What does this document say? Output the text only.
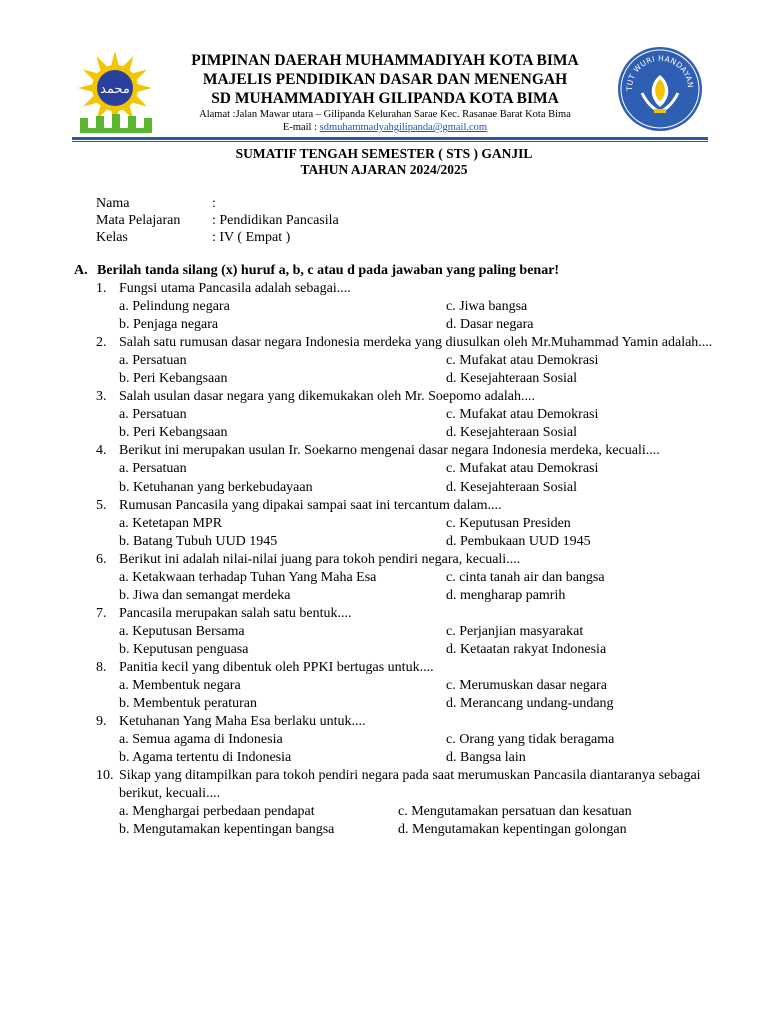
محمد
PIMPINAN DAERAH MUHAMMADIYAH KOTA BIMA
MAJELIS PENDIDIKAN DASAR DAN MENENGAH
SD MUHAMMADIYAH GILIPANDA KOTA BIMA
Alamat :Jalan Mawar utara – Gilipanda Kelurahan Sarae Kec. Rasanae Barat Kota Bima
E-mail : sdmuhammadyahgilipanda@gmail.com
TUT WURI HANDAYAN
SUMATIF TENGAH SEMESTER ( STS ) GANJIL
TAHUN AJARAN 2024/2025
Nama	:
Mata Pelajaran	: Pendidikan Pancasila
Kelas	: IV ( Empat )
A. Berilah tanda silang (x) huruf a, b, c atau d pada jawaban yang paling benar!
1. Fungsi utama Pancasila adalah sebagai....
a. Pelindung negara	c. Jiwa bangsa
b. Penjaga negara	d. Dasar negara
2. Salah satu rumusan dasar negara Indonesia merdeka yang diusulkan oleh Mr.Muhammad Yamin adalah....
a. Persatuan	c. Mufakat atau Demokrasi
b. Peri Kebangsaan	d. Kesejahteraan Sosial
3. Salah usulan dasar negara yang dikemukakan oleh Mr. Soepomo adalah....
a. Persatuan	c. Mufakat atau Demokrasi
b. Peri Kebangsaan	d. Kesejahteraan Sosial
4. Berikut ini merupakan usulan Ir. Soekarno mengenai dasar negara Indonesia merdeka, kecuali....
a. Persatuan	c. Mufakat atau Demokrasi
b. Ketuhanan yang berkebudayaan	d. Kesejahteraan Sosial
5. Rumusan Pancasila yang dipakai sampai saat ini tercantum dalam....
a. Ketetapan MPR	c. Keputusan Presiden
b. Batang Tubuh UUD 1945	d. Pembukaan UUD 1945
6. Berikut ini adalah nilai-nilai juang para tokoh pendiri negara, kecuali....
a. Ketakwaan terhadap Tuhan Yang Maha Esa	c. cinta tanah air dan bangsa
b. Jiwa dan semangat merdeka	d. mengharap pamrih
7. Pancasila merupakan salah satu bentuk....
a. Keputusan Bersama	c. Perjanjian masyarakat
b. Keputusan penguasa	d. Ketaatan rakyat Indonesia
8. Panitia kecil yang dibentuk oleh PPKI bertugas untuk....
a. Membentuk negara	c. Merumuskan dasar negara
b. Membentuk peraturan	d. Merancang undang-undang
9. Ketuhanan Yang Maha Esa berlaku untuk....
a. Semua agama di Indonesia	c. Orang yang tidak beragama
b. Agama tertentu di Indonesia	d. Bangsa lain
10. Sikap yang ditampilkan para tokoh pendiri negara pada saat merumuskan Pancasila diantaranya sebagai berikut, kecuali....
a. Menghargai perbedaan pendapat	c. Mengutamakan persatuan dan kesatuan
b. Mengutamakan kepentingan bangsa	d. Mengutamakan kepentingan golongan
